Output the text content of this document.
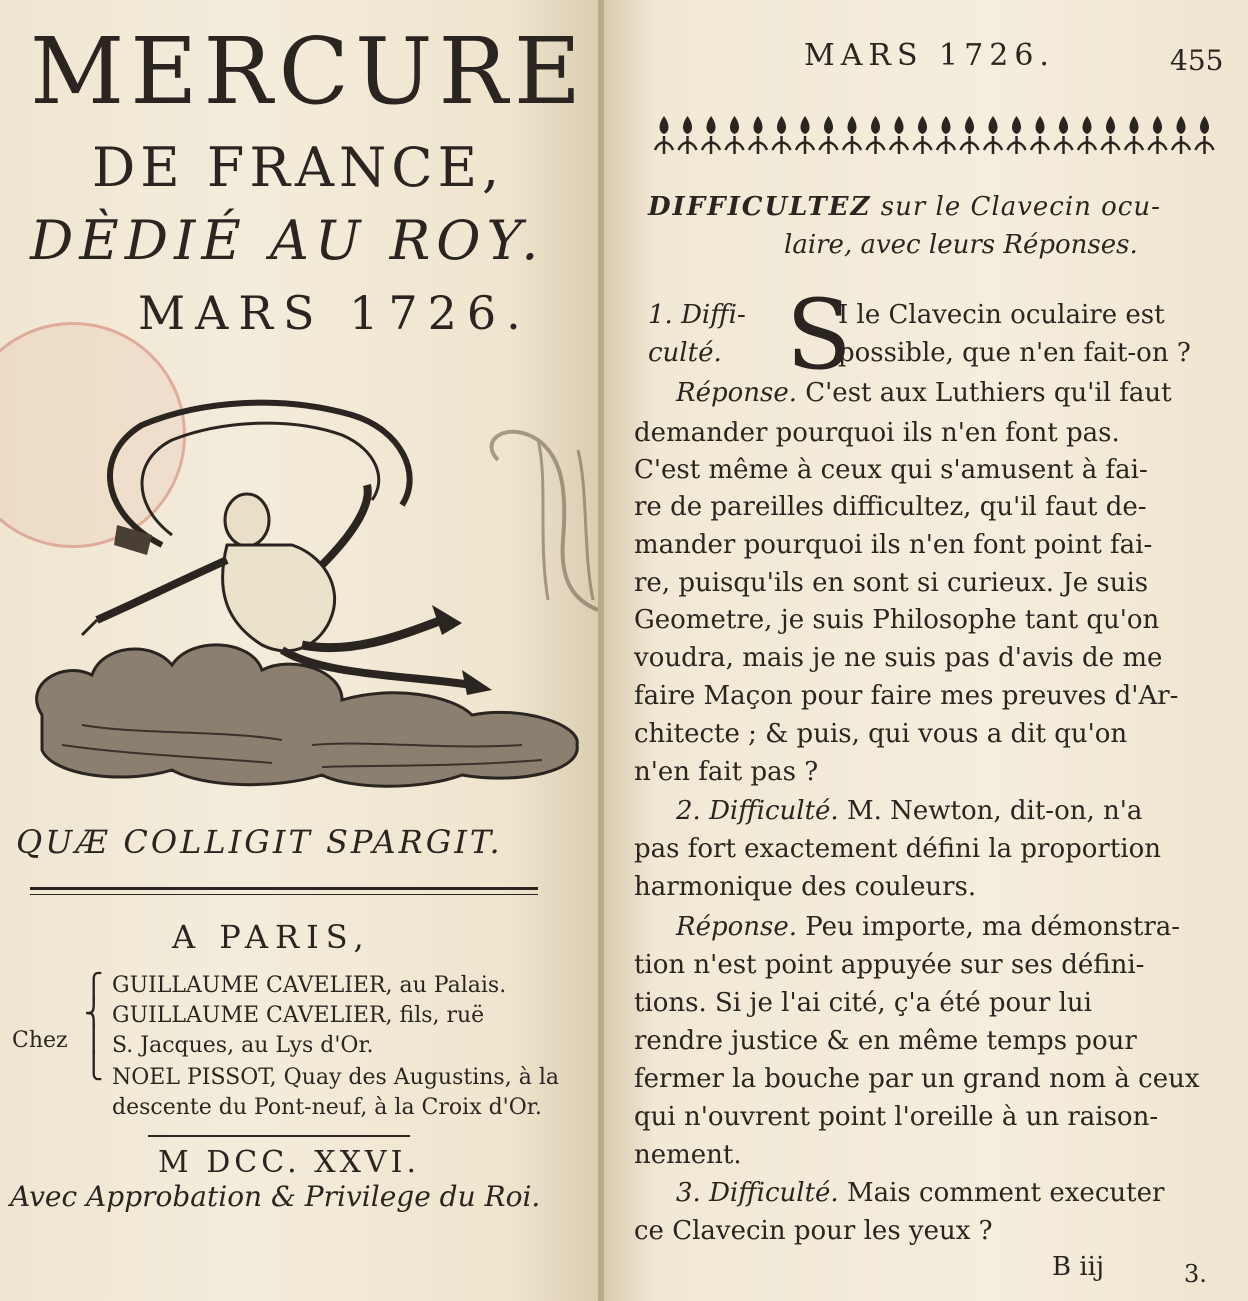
MERCURE
DE FRANCE,
DÈDIÉ AU ROY.
MARS 1726.
QUÆ COLLIGIT SPARGIT.
A PARIS,
Chez
⎧
⎨
⎪
⎩
GUILLAUME CAVELIER, au Palais.
GUILLAUME CAVELIER, fils, ruë
S. Jacques, au Lys d'Or.
NOEL PISSOT, Quay des Augustins, à la
descente du Pont-neuf, à la Croix d'Or.
M DCC. XXVI.
Avec Approbation & Privilege du Roi.
MARS 1726.	455
DIFFICULTEZ sur le Clavecin ocu-
laire, avec leurs Réponses.
S
1. Diffi-	I le Clavecin oculaire est
culté.	possible, que n'en fait-on ?
Réponse. C'est aux Luthiers qu'il faut
demander pourquoi ils n'en font pas.
C'est même à ceux qui s'amusent à fai-
re de pareilles difficultez, qu'il faut de-
mander pourquoi ils n'en font point fai-
re, puisqu'ils en sont si curieux. Je suis
Geometre, je suis Philosophe tant qu'on
voudra, mais je ne suis pas d'avis de me
faire Maçon pour faire mes preuves d'Ar-
chitecte ; & puis, qui vous a dit qu'on
n'en fait pas ?
2. Difficulté. M. Newton, dit-on, n'a
pas fort exactement défini la proportion
harmonique des couleurs.
Réponse. Peu importe, ma démonstra-
tion n'est point appuyée sur ses défini-
tions. Si je l'ai cité, ç'a été pour lui
rendre justice & en même temps pour
fermer la bouche par un grand nom à ceux
qui n'ouvrent point l'oreille à un raison-
nement.
3. Difficulté. Mais comment executer
ce Clavecin pour les yeux ?
B iij	3.
